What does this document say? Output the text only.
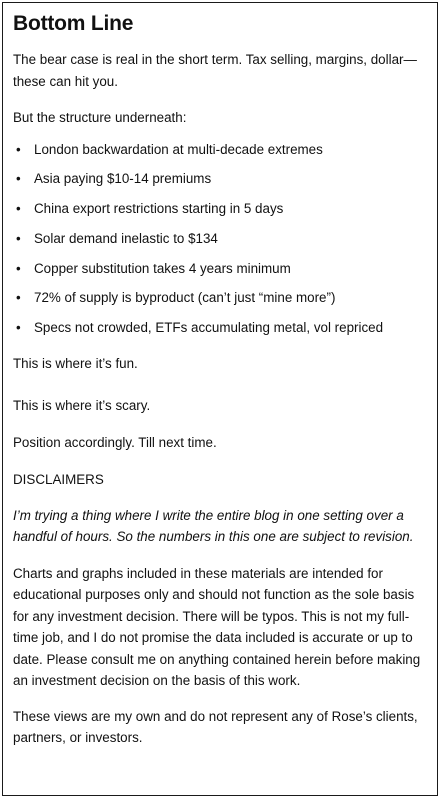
Bottom Line

The bear case is real in the short term. Tax selling, margins, dollar—these can hit you.

But the structure underneath:

• London backwardation at multi-decade extremes
• Asia paying $10-14 premiums
• China export restrictions starting in 5 days
• Solar demand inelastic to $134
• Copper substitution takes 4 years minimum
• 72% of supply is byproduct (can’t just “mine more”)
• Specs not crowded, ETFs accumulating metal, vol repriced

This is where it’s fun.

This is where it’s scary.

Position accordingly. Till next time.

DISCLAIMERS

I’m trying a thing where I write the entire blog in one setting over a handful of hours. So the numbers in this one are subject to revision.

Charts and graphs included in these materials are intended for educational purposes only and should not function as the sole basis for any investment decision. There will be typos. This is not my full-time job, and I do not promise the data included is accurate or up to date. Please consult me on anything contained herein before making an investment decision on the basis of this work.

These views are my own and do not represent any of Rose’s clients, partners, or investors.
